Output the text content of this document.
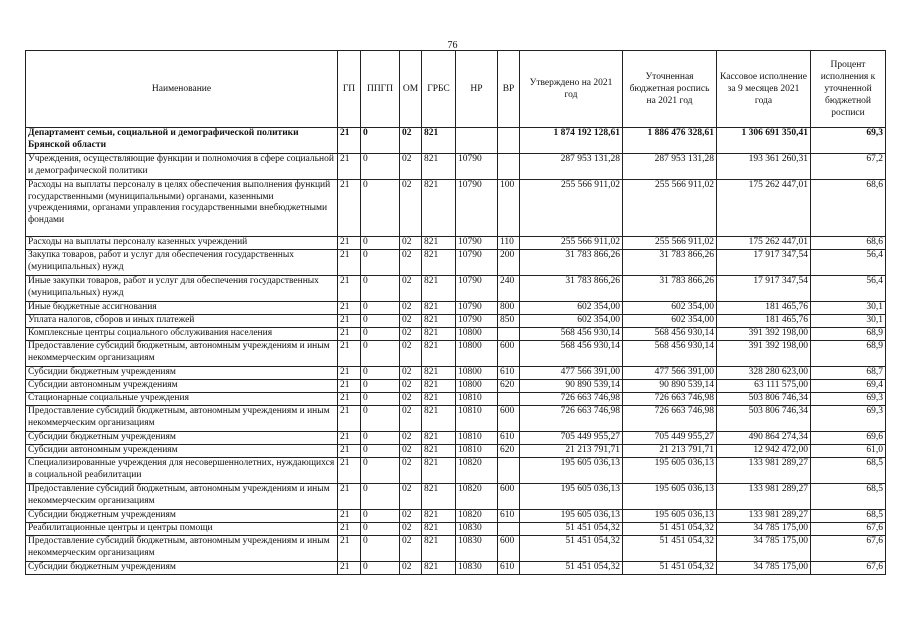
76
Наименование	ГП	ППГП	ОМ	ГРБС	НР	ВР	Утверждено на 2021 год	Уточненная бюджетная роспись на 2021 год	Кассовое исполнение за 9 месяцев 2021 года	Процент исполнения к уточненной бюджетной росписи
Департамент семьи, социальной и демографической политики Брянской области	21	0	02	821			1 874 192 128,61	1 886 476 328,61	1 306 691 350,41	69,3
Учреждения, осуществляющие функции и полномочия в сфере социальной и демографической политики	21	0	02	821	10790		287 953 131,28	287 953 131,28	193 361 260,31	67,2
Расходы на выплаты персоналу в целях обеспечения выполнения функций государственными (муниципальными) органами, казенными учреждениями, органами управления государственными внебюджетными фондами	21	0	02	821	10790	100	255 566 911,02	255 566 911,02	175 262 447,01	68,6
Расходы на выплаты персоналу казенных учреждений	21	0	02	821	10790	110	255 566 911,02	255 566 911,02	175 262 447,01	68,6
Закупка товаров, работ и услуг для обеспечения государственных (муниципальных) нужд	21	0	02	821	10790	200	31 783 866,26	31 783 866,26	17 917 347,54	56,4
Иные закупки товаров, работ и услуг для обеспечения государственных (муниципальных) нужд	21	0	02	821	10790	240	31 783 866,26	31 783 866,26	17 917 347,54	56,4
Иные бюджетные ассигнования	21	0	02	821	10790	800	602 354,00	602 354,00	181 465,76	30,1
Уплата налогов, сборов и иных платежей	21	0	02	821	10790	850	602 354,00	602 354,00	181 465,76	30,1
Комплексные центры социального обслуживания населения	21	0	02	821	10800		568 456 930,14	568 456 930,14	391 392 198,00	68,9
Предоставление субсидий бюджетным, автономным учреждениям и иным некоммерческим организациям	21	0	02	821	10800	600	568 456 930,14	568 456 930,14	391 392 198,00	68,9
Субсидии бюджетным учреждениям	21	0	02	821	10800	610	477 566 391,00	477 566 391,00	328 280 623,00	68,7
Субсидии автономным учреждениям	21	0	02	821	10800	620	90 890 539,14	90 890 539,14	63 111 575,00	69,4
Стационарные социальные учреждения	21	0	02	821	10810		726 663 746,98	726 663 746,98	503 806 746,34	69,3
Предоставление субсидий бюджетным, автономным учреждениям и иным некоммерческим организациям	21	0	02	821	10810	600	726 663 746,98	726 663 746,98	503 806 746,34	69,3
Субсидии бюджетным учреждениям	21	0	02	821	10810	610	705 449 955,27	705 449 955,27	490 864 274,34	69,6
Субсидии автономным учреждениям	21	0	02	821	10810	620	21 213 791,71	21 213 791,71	12 942 472,00	61,0
Специализированные учреждения для несовершеннолетних, нуждающихся в социальной реабилитации	21	0	02	821	10820		195 605 036,13	195 605 036,13	133 981 289,27	68,5
Предоставление субсидий бюджетным, автономным учреждениям и иным некоммерческим организациям	21	0	02	821	10820	600	195 605 036,13	195 605 036,13	133 981 289,27	68,5
Субсидии бюджетным учреждениям	21	0	02	821	10820	610	195 605 036,13	195 605 036,13	133 981 289,27	68,5
Реабилитационные центры и центры помощи	21	0	02	821	10830		51 451 054,32	51 451 054,32	34 785 175,00	67,6
Предоставление субсидий бюджетным, автономным учреждениям и иным некоммерческим организациям	21	0	02	821	10830	600	51 451 054,32	51 451 054,32	34 785 175,00	67,6
Субсидии бюджетным учреждениям	21	0	02	821	10830	610	51 451 054,32	51 451 054,32	34 785 175,00	67,6
